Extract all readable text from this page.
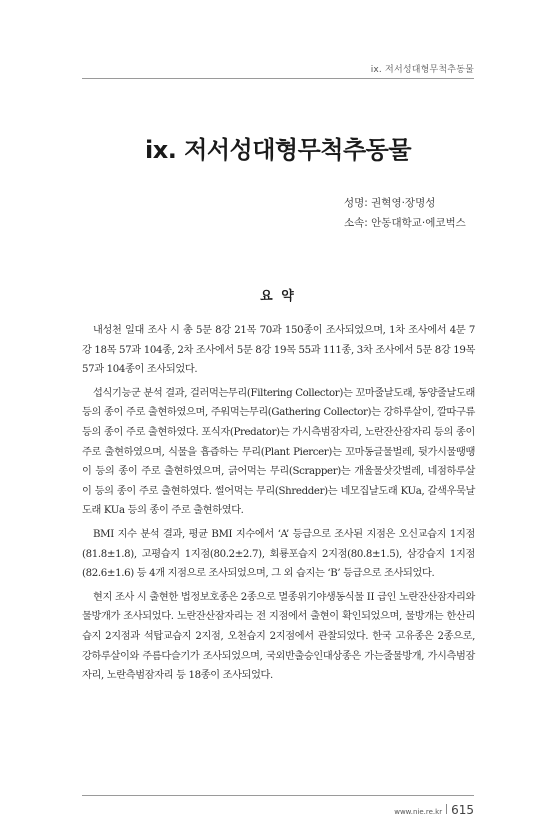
ix. 저서성대형무척추동물
ix. 저서성대형무척추동물
성명: 권혁영·장명성
소속: 안동대학교·에코벅스
요 약

내성천 일대 조사 시 총 5문 8강 21목 70과 150종이 조사되었으며, 1차 조사에서 4문 7강 18목 57과 104종, 2차 조사에서 5문 8강 19목 55과 111종, 3차 조사에서 5문 8강 19목 57과 104종이 조사되었다.

섭식기능군 분석 결과, 걸러먹는무리(Filtering Collector)는 꼬마줄날도래, 동양줄날도래 등의 종이 주로 출현하였으며, 주워먹는무리(Gathering Collector)는 강하루살이, 깔따구류 등의 종이 주로 출현하였다. 포식자(Predator)는 가시측범잠자리, 노란잔산잠자리 등의 종이 주로 출현하였으며, 식물을 흡즙하는 무리(Plant Piercer)는 꼬마동글물벌레, 뒷가시물땡땡이 등의 종이 주로 출현하였으며, 긁어먹는 무리(Scrapper)는 개울물삿갓벌레, 네점하루살이 등의 종이 주로 출현하였다. 썰어먹는 무리(Shredder)는 네모집날도래 KUa, 갈색우묵날도래 KUa 등의 종이 주로 출현하였다.

BMI 지수 분석 결과, 평균 BMI 지수에서 ‘A’ 등급으로 조사된 지점은 오신교습지 1지점(81.8±1.8), 고평습지 1지점(80.2±2.7), 회룡포습지 2지점(80.8±1.5), 삼강습지 1지점(82.6±1.6) 등 4개 지점으로 조사되었으며, 그 외 습지는 ‘B’ 등급으로 조사되었다.

현지 조사 시 출현한 법정보호종은 2종으로 멸종위기야생동식물 II 급인 노란잔산잠자리와 물방개가 조사되었다. 노란잔산잠자리는 전 지점에서 출현이 확인되었으며, 물방개는 한산리습지 2지점과 석탑교습지 2지점, 오천습지 2지점에서 관찰되었다. 한국 고유종은 2종으로, 강하루살이와 주름다슬기가 조사되었으며, 국외반출승인대상종은 가는줄물방개, 가시측범잠자리, 노란측범잠자리 등 18종이 조사되었다.

www.nie.re.kr 615
